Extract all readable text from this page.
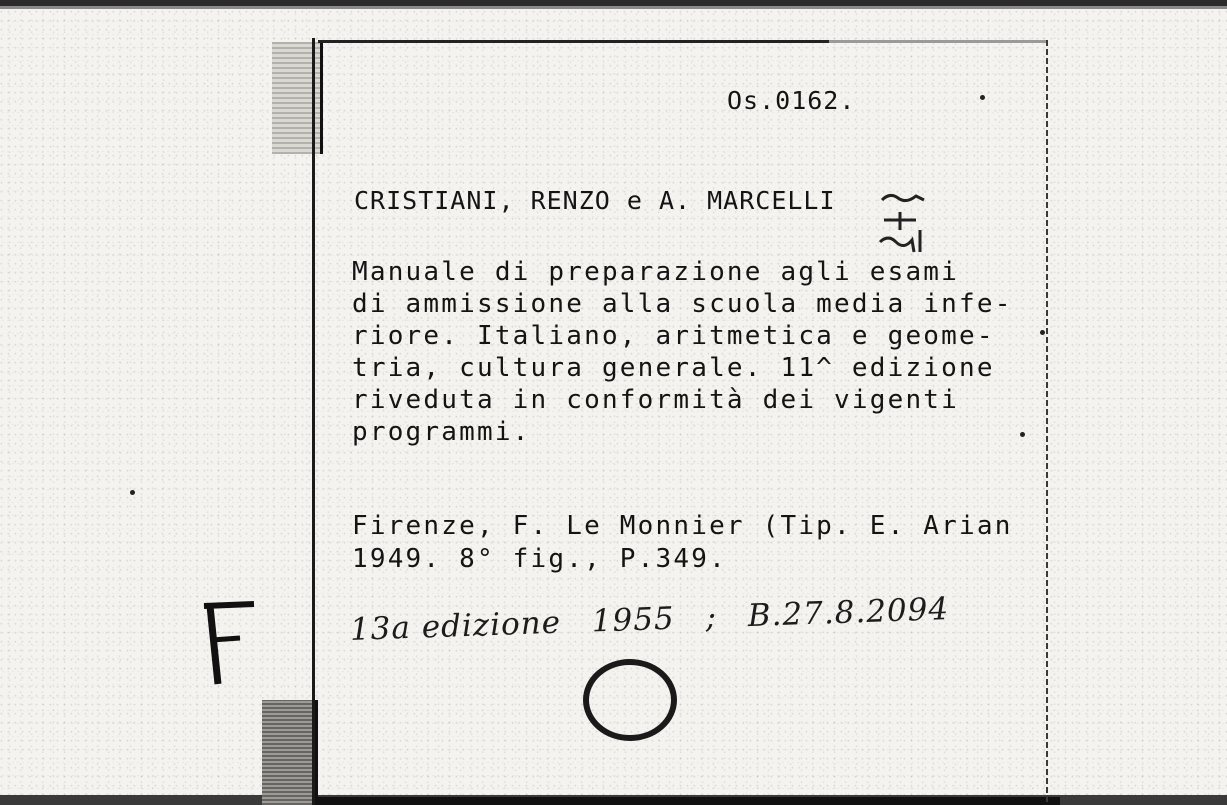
Os.0162.
CRISTIANI, RENZO e A. MARCELLI
Manuale di preparazione agli esami
di ammissione alla scuola media infe-
riore. Italiano, aritmetica e geome-
tria, cultura generale. 11^ edizione
riveduta in conformità dei vigenti
programmi.
Firenze, F. Le Monnier (Tip. E. Arian
1949. 8° fig., P.349.
13a edizione 1955 ; B.27.8.2094
